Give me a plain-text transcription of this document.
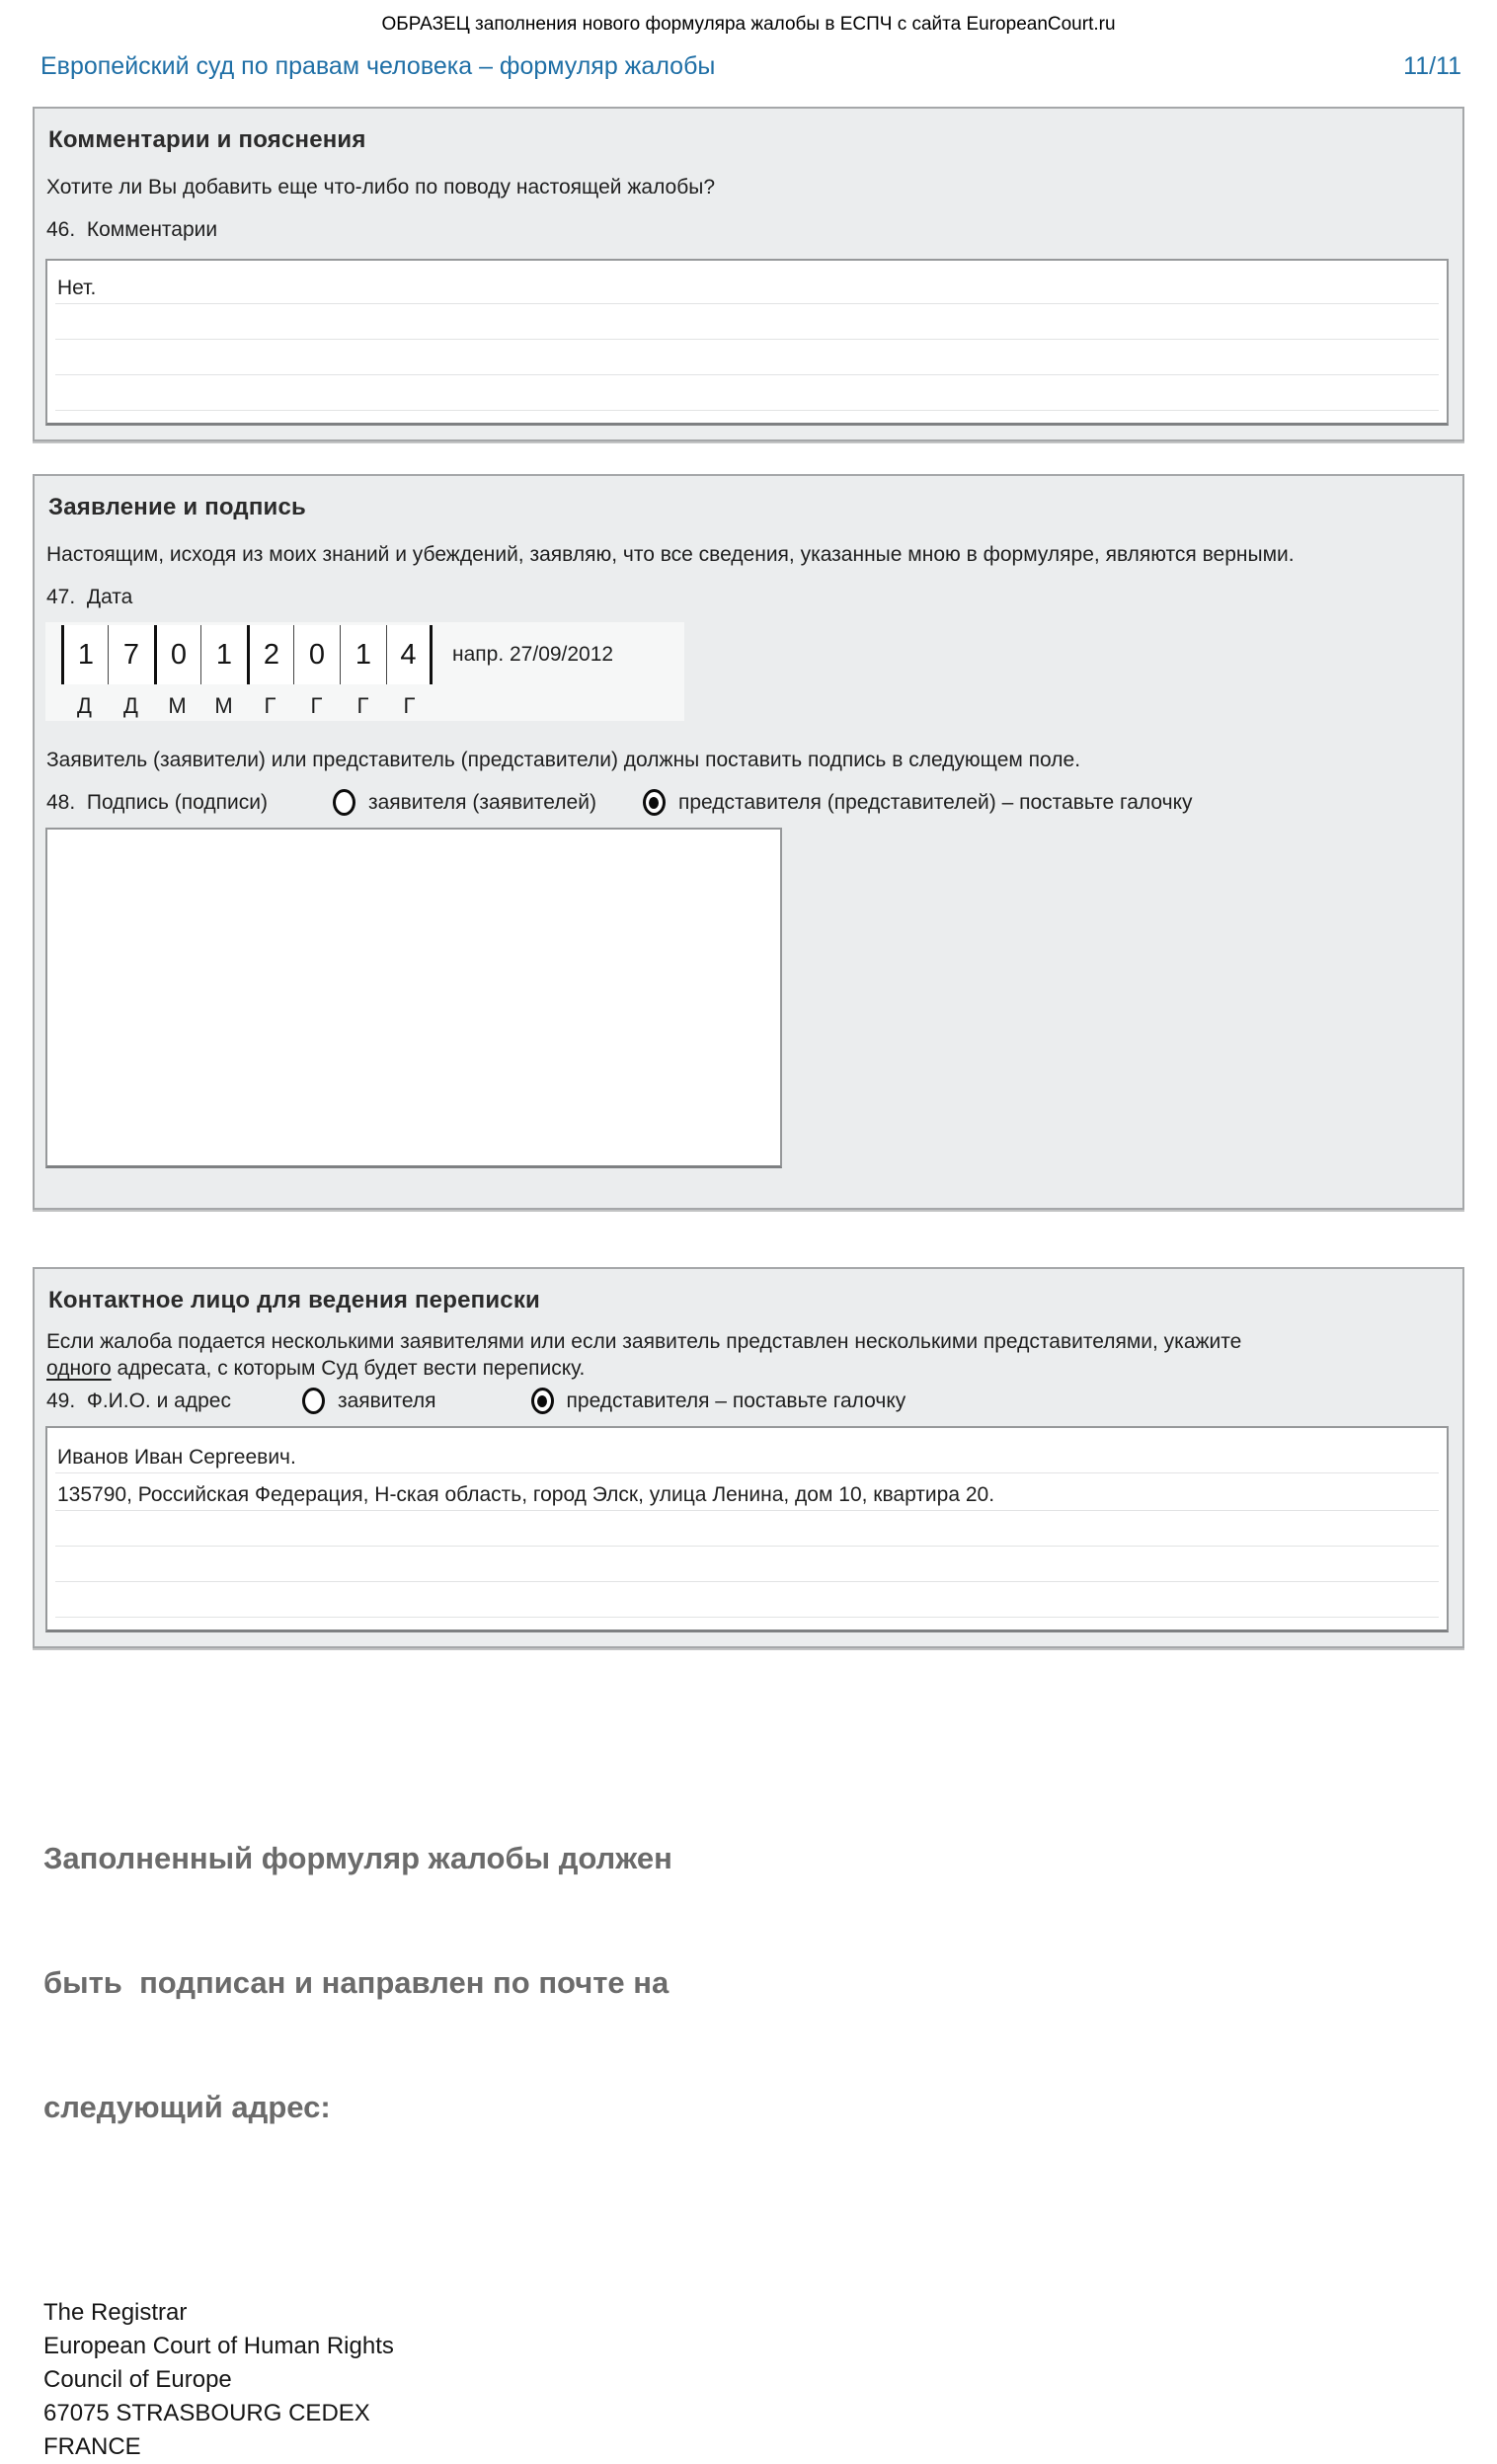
ОБРАЗЕЦ заполнения нового формуляра жалобы в ЕСПЧ с сайта EuropeanCourt.ru
Европейский суд по правам человека – формуляр жалобы	11/11
Комментарии и пояснения

Хотите ли Вы добавить еще что-либо по поводу настоящей жалобы?

46.  Комментарии

Нет.
Заявление и подпись

Настоящим, исходя из моих знаний и убеждений, заявляю, что все сведения, указанные мною в формуляре, являются верными.

47.  Дата

1	7	0	1	2	0	1	4	напр. 27/09/2012
Д	Д	М	М	Г	Г	Г	Г

Заявитель (заявители) или представитель (представители) должны поставить подпись в следующем поле.

48.  Подпись (подписи)	заявителя (заявителей)	представителя (представителей) – поставьте галочку
Контактное лицо для ведения переписки

Если жалоба подается несколькими заявителями или если заявитель представлен несколькими представителями, укажите
одного адресата, с которым Суд будет вести переписку.

49.  Ф.И.О. и адрес	заявителя	представителя – поставьте галочку
Иванов Иван Сергеевич.
135790, Российская Федерация, Н-ская область, город Элск, улица Ленина, дом 10, квартира 20.

Заполненный формуляр жалобы должен

быть  подписан и направлен по почте на

следующий адрес:

The Registrar
European Court of Human Rights
Council of Europe
67075 STRASBOURG CEDEX
FRANCE
